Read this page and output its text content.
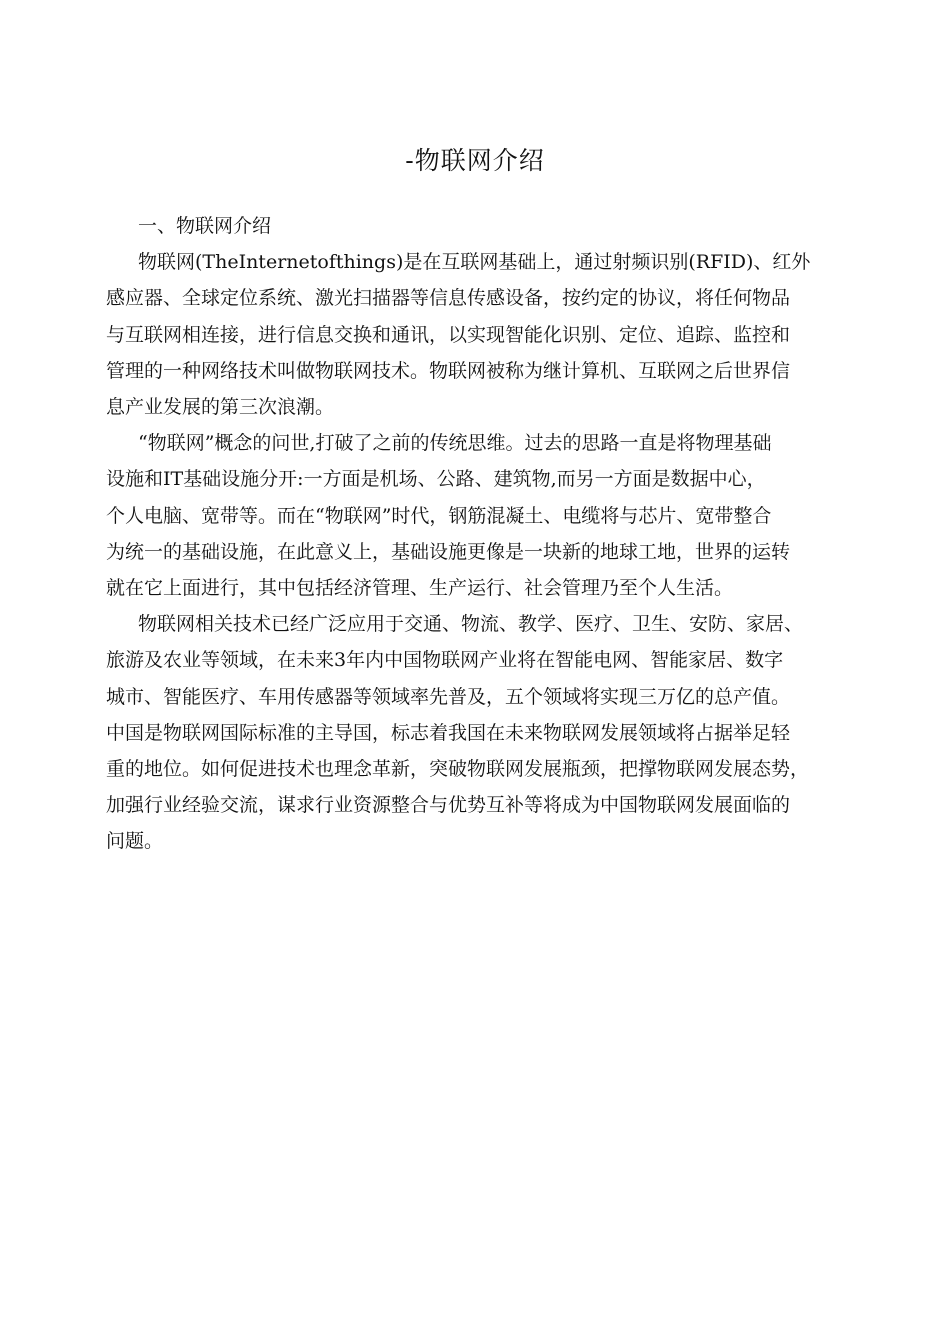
-物联网介绍
一、物联网介绍
物联网(TheInternetofthings)是在互联网基础上，通过射频识别(RFID)、红外
感应器、全球定位系统、激光扫描器等信息传感设备，按约定的协议，将任何物品
与互联网相连接，进行信息交换和通讯，以实现智能化识别、定位、追踪、监控和
管理的一种网络技术叫做物联网技术。物联网被称为继计算机、互联网之后世界信
息产业发展的第三次浪潮。
“物联网”概念的问世,打破了之前的传统思维。过去的思路一直是将物理基础
设施和IT基础设施分开:一方面是机场、公路、建筑物,而另一方面是数据中心，
个人电脑、宽带等。而在“物联网”时代，钢筋混凝土、电缆将与芯片、宽带整合
为统一的基础设施，在此意义上，基础设施更像是一块新的地球工地，世界的运转
就在它上面进行，其中包括经济管理、生产运行、社会管理乃至个人生活。
物联网相关技术已经广泛应用于交通、物流、教学、医疗、卫生、安防、家居、
旅游及农业等领域，在未来3年内中国物联网产业将在智能电网、智能家居、数字
城市、智能医疗、车用传感器等领域率先普及，五个领域将实现三万亿的总产值。
中国是物联网国际标准的主导国，标志着我国在未来物联网发展领域将占据举足轻
重的地位。如何促进技术也理念革新，突破物联网发展瓶颈，把撑物联网发展态势，
加强行业经验交流，谋求行业资源整合与优势互补等将成为中国物联网发展面临的
问题。
